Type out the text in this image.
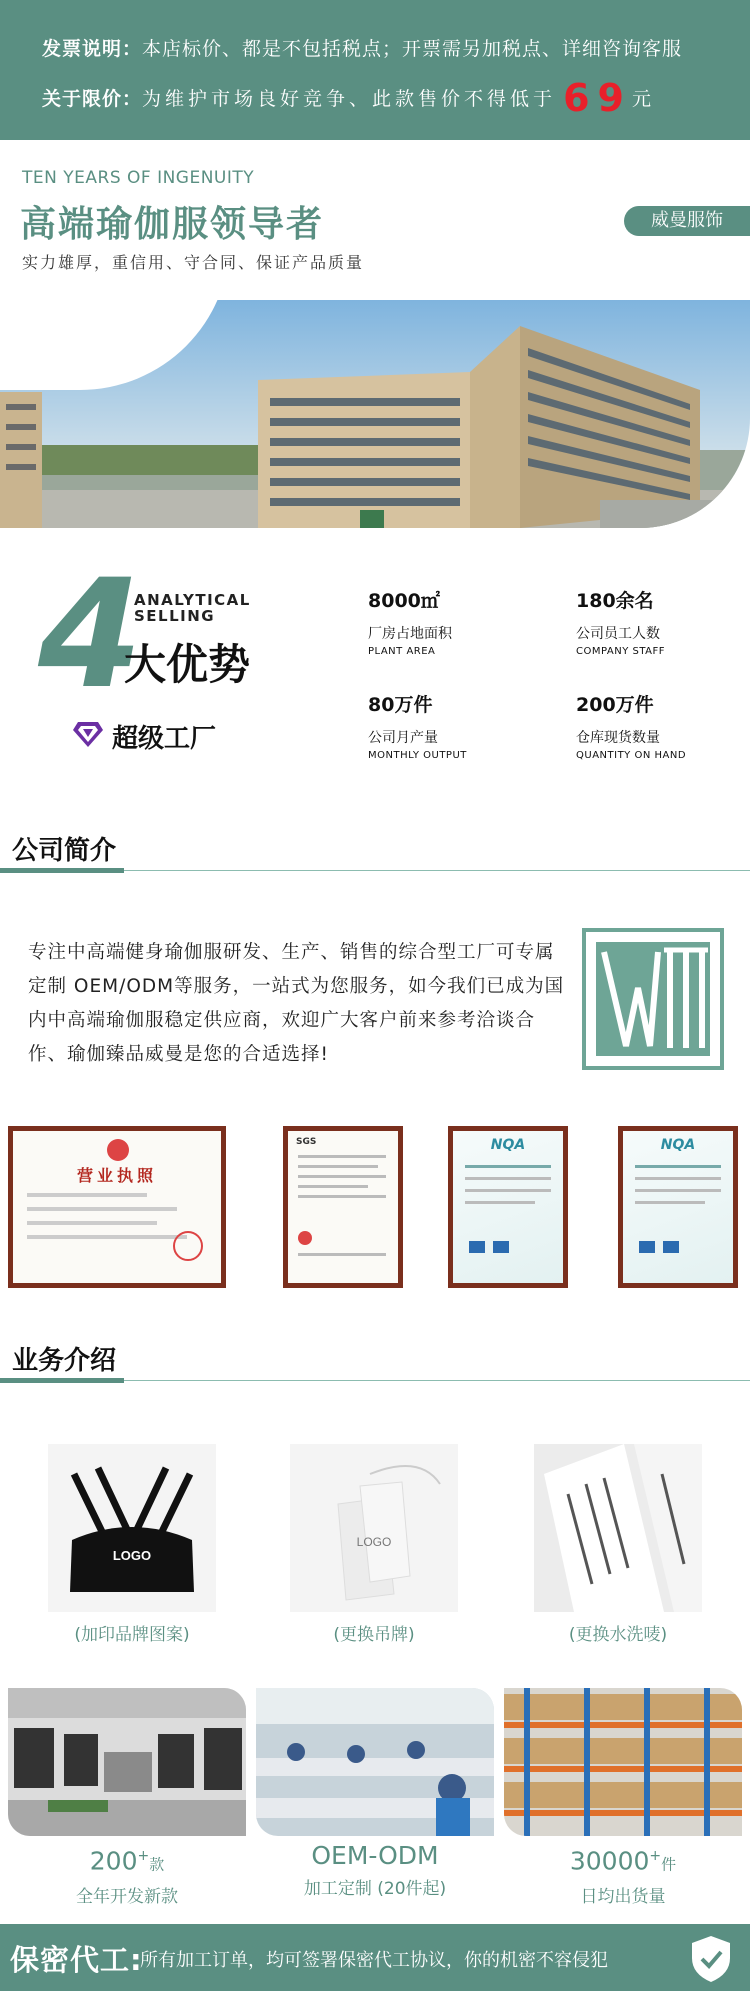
发票说明：本店标价、都是不包括税点；开票需另加税点、详细咨询客服
关于限价：为维护市场良好竞争、此款售价不得低于 69元
TEN YEARS OF INGENUITY
高端瑜伽服领导者
实力雄厚，重信用、守合同、保证产品质量
威曼服饰
4
ANALYTICAL
SELLING
大优势
超级工厂
8000㎡
厂房占地面积
PLANT AREA
180余名
公司员工人数
COMPANY STAFF
80万件
公司月产量
MONTHLY OUTPUT
200万件
仓库现货数量
QUANTITY ON HAND
公司简介
专注中高端健身瑜伽服研发、生产、销售的综合型工厂可专属定制 OEM/ODM等服务，一站式为您服务，如今我们已成为国内中高端瑜伽服稳定供应商，欢迎广大客户前来参考洽谈合作、瑜伽臻品威曼是您的合适选择!
营业执照
SGS	NQA	NQA
业务介绍
LOGO
(加印品牌图案)
LOGO
(更换吊牌)	(更换水洗唛)
200+款
全年开发新款
OEM-ODM
加工定制 (20件起)
30000+件
日均出货量
保密代工:
所有加工订单，均可签署保密代工协议，你的机密不容侵犯
